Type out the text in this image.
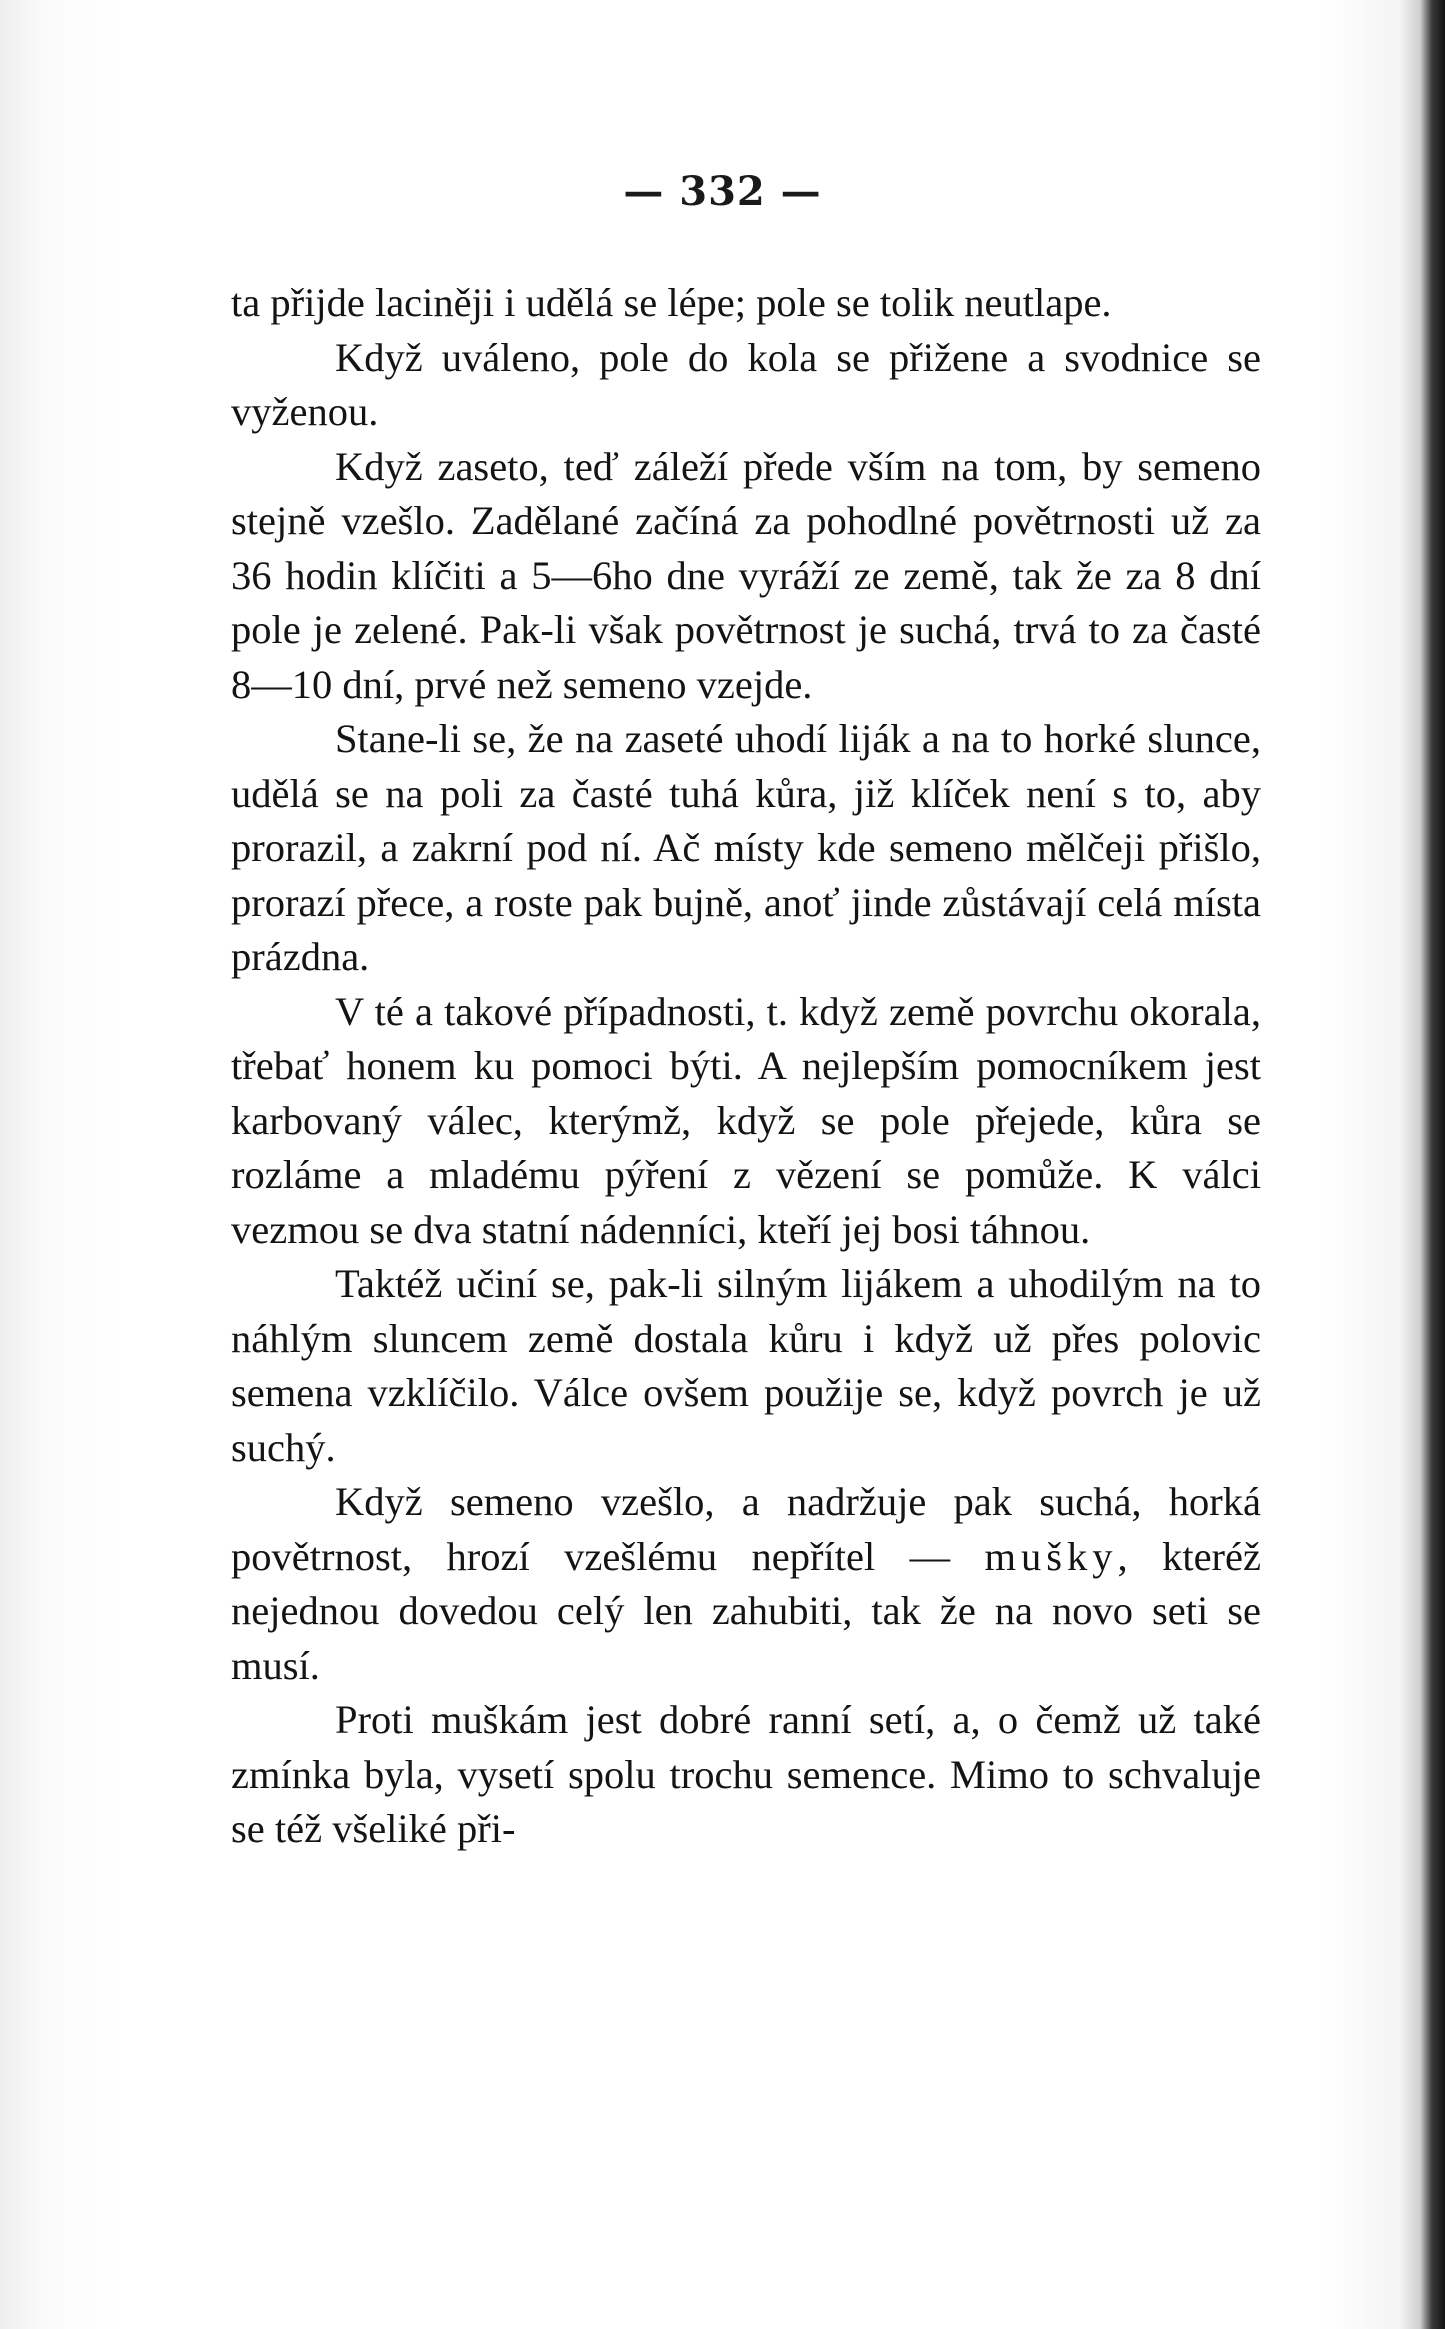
— 332 —

ta přijde laciněji i udělá se lépe; pole se tolik neutlape.

Když uváleno, pole do kola se přižene a svodnice se vyženou.

Když zaseto, teď záleží přede vším na tom, by semeno stejně vzešlo. Zadělané začíná za pohodlné povětrnosti už za 36 hodin klíčiti a 5—6ho dne vyráží ze země, tak že za 8 dní pole je zelené. Pak-li však povětrnost je suchá, trvá to za časté 8—10 dní, prvé než semeno vzejde.

Stane-li se, že na zaseté uhodí liják a na to horké slunce, udělá se na poli za časté tuhá kůra, již klíček není s to, aby prorazil, a zakrní pod ní. Ač místy kde semeno mělčeji přišlo, prorazí přece, a roste pak bujně, anoť jinde zůstávají celá místa prázdna.

V té a takové případnosti, t. když země povrchu okorala, třebať honem ku pomoci býti. A nejlepším pomocníkem jest karbovaný válec, kterýmž, když se pole přejede, kůra se rozláme a mladému pýření z vězení se pomůže. K válci vezmou se dva statní nádenníci, kteří jej bosi táhnou.

Taktéž učiní se, pak-li silným lijákem a uhodilým na to náhlým sluncem země dostala kůru i když už přes polovic semena vzklíčilo. Válce ovšem použije se, když povrch je už suchý.

Když semeno vzešlo, a nadržuje pak suchá, horká povětrnost, hrozí vzešlému nepřítel — mušky, kteréž nejednou dovedou celý len zahubiti, tak že na novo seti se musí.

Proti muškám jest dobré ranní setí, a, o čemž už také zmínka byla, vysetí spolu trochu semence. Mimo to schvaluje se též všeliké při-
